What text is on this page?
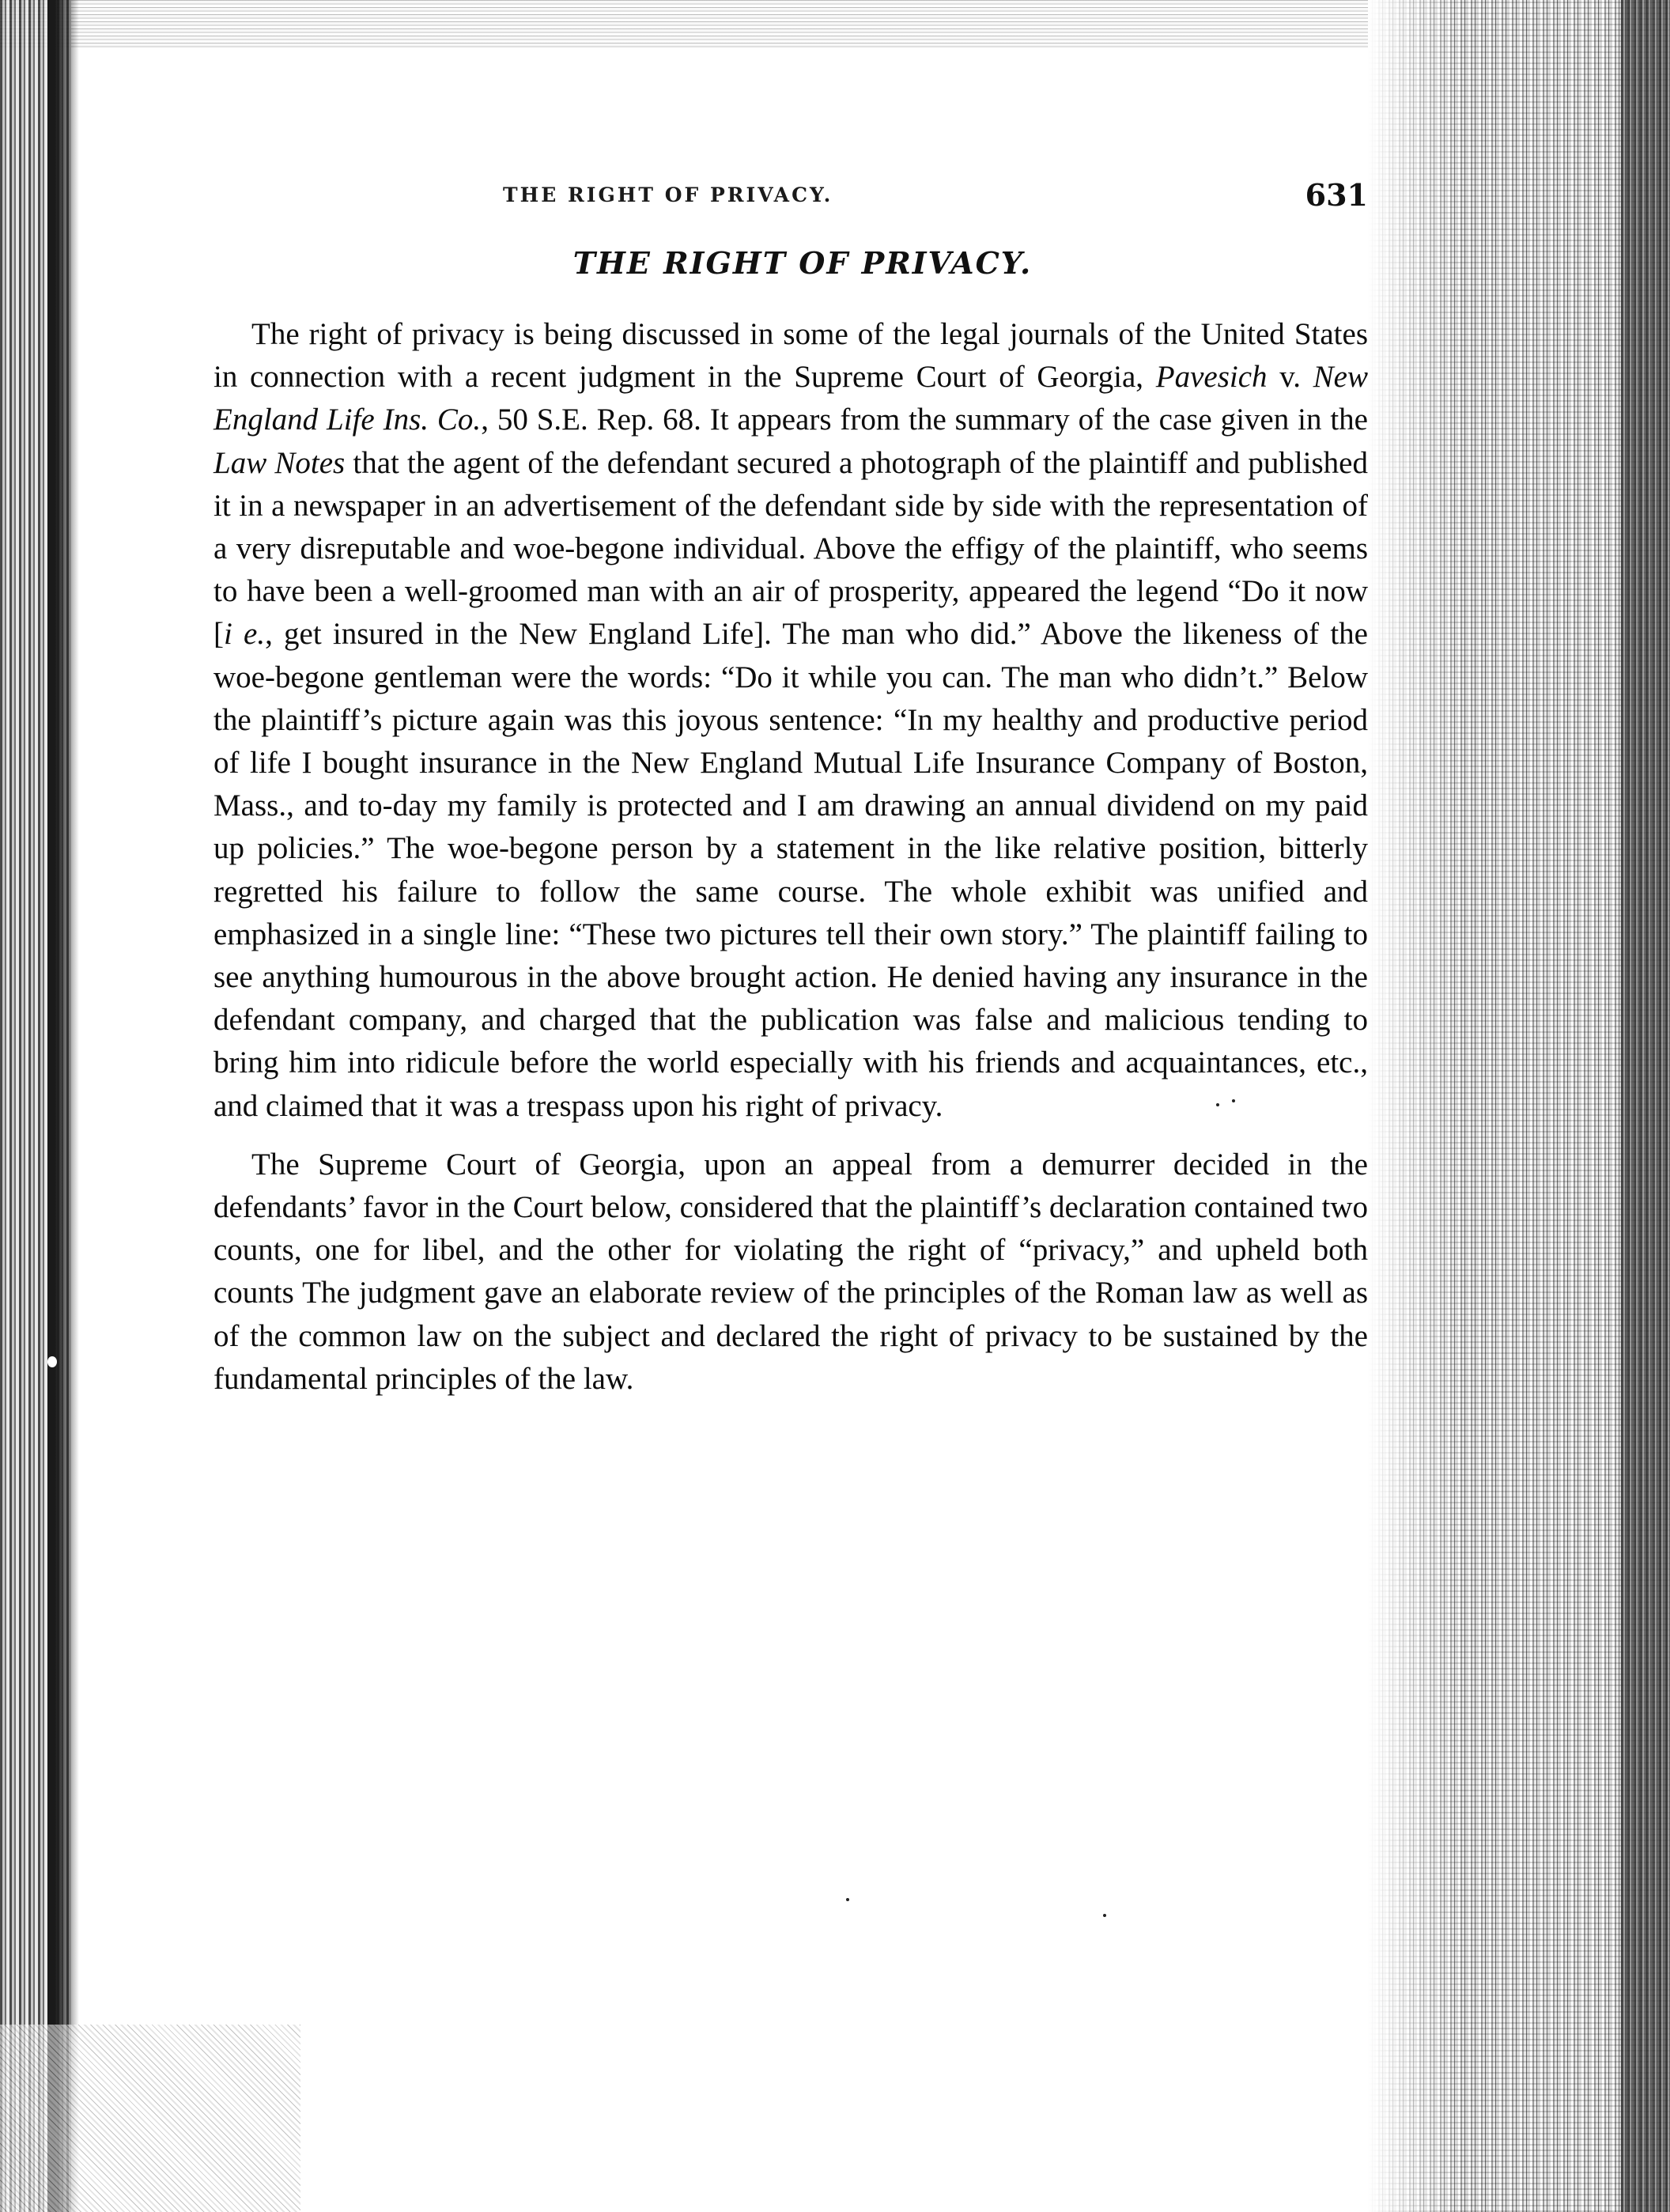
THE RIGHT OF PRIVACY.	631
THE RIGHT OF PRIVACY.

The right of privacy is being discussed in some of the legal journals of the United States in connection with a recent judgment in the Supreme Court of Georgia, Pavesich v. New England Life Ins. Co., 50 S.E. Rep. 68. It appears from the summary of the case given in the Law Notes that the agent of the defendant secured a photograph of the plaintiff and published it in a newspaper in an advertisement of the defendant side by side with the representation of a very disreputable and woe-begone individual. Above the effigy of the plaintiff, who seems to have been a well-groomed man with an air of prosperity, appeared the legend “Do it now [i e., get insured in the New England Life]. The man who did.” Above the likeness of the woe-begone gentleman were the words: “Do it while you can. The man who didn’t.” Below the plaintiff’s picture again was this joyous sentence: “In my healthy and productive period of life I bought insurance in the New England Mutual Life Insurance Company of Boston, Mass., and to-day my family is protected and I am drawing an annual dividend on my paid up policies.” The woe-begone person by a statement in the like relative position, bitterly regretted his failure to follow the same course. The whole exhibit was unified and emphasized in a single line: “These two pictures tell their own story.” The plaintiff failing to see anything humourous in the above brought action. He denied having any insurance in the defendant company, and charged that the publication was false and malicious tending to bring him into ridicule before the world especially with his friends and acquaintances, etc., and claimed that it was a trespass upon his right of privacy.

The Supreme Court of Georgia, upon an appeal from a demurrer decided in the defendants’ favor in the Court below, considered that the plaintiff’s declaration contained two counts, one for libel, and the other for violating the right of “privacy,” and upheld both counts The judgment gave an elaborate review of the principles of the Roman law as well as of the common law on the subject and declared the right of privacy to be sustained by the fundamental principles of the law.
